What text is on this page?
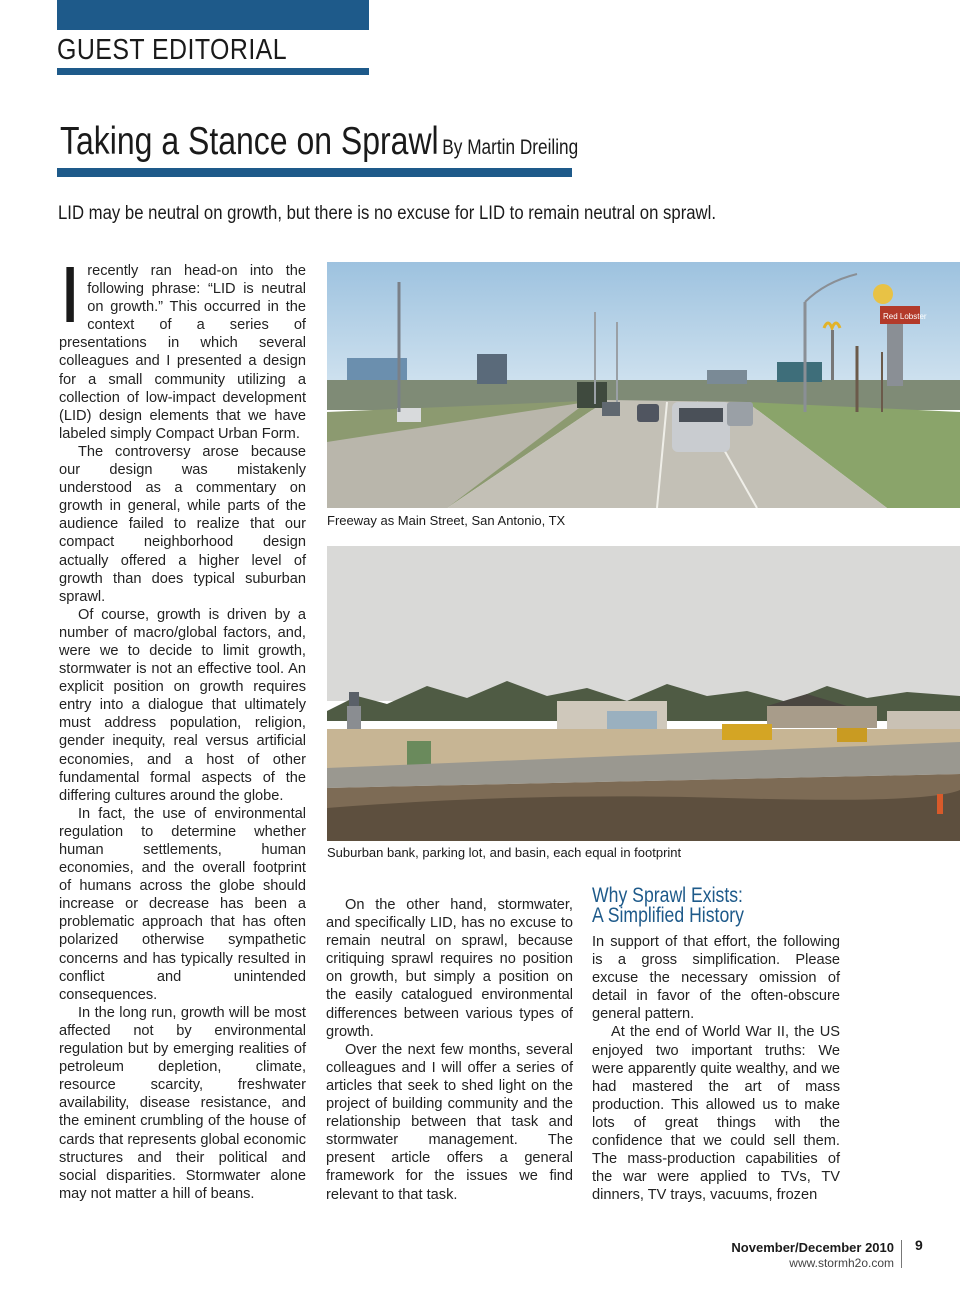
GUEST EDITORIAL
Taking a Stance on Sprawl By Martin Dreiling
LID may be neutral on growth, but there is no excuse for LID to remain neutral on sprawl.

Irecently ran head-on into the following phrase: “LID is neutral on growth.” This occurred in the context of a series of presentations in which several colleagues and I presented a design for a small community utilizing a collection of low-impact development (LID) design elements that we have labeled simply Compact Urban Form.

The controversy arose because our design was mistakenly understood as a commentary on growth in general, while parts of the audience failed to realize that our compact neighborhood design actually offered a higher level of growth than does typical suburban sprawl.

Of course, growth is driven by a number of macro/global factors, and, were we to decide to limit growth, stormwater is not an effective tool. An explicit position on growth requires entry into a dialogue that ultimately must address population, religion, gender inequity, real versus artificial economies, and a host of other fundamental formal aspects of the differing cultures around the globe.

In fact, the use of environmental regulation to determine whether human settlements, human economies, and the overall footprint of humans across the globe should increase or decrease has been a problematic approach that has often polarized otherwise sympathetic concerns and has typically resulted in conflict and unintended consequences.

In the long run, growth will be most affected not by environmental regulation but by emerging realities of petroleum depletion, climate, resource scarcity, freshwater availability, disease resistance, and the eminent crumbling of the house of cards that represents global economic structures and their political and social disparities. Stormwater alone may not matter a hill of beans.

Red Lobster
Freeway as Main Street, San Antonio, TX
Suburban bank, parking lot, and basin, each equal in footprint

On the other hand, stormwater, and specifically LID, has no excuse to remain neutral on sprawl, because critiquing sprawl requires no position on growth, but simply a position on the easily catalogued environmental differences between various types of growth.

Over the next few months, several colleagues and I will offer a series of articles that seek to shed light on the project of building community and the relationship between that task and stormwater management. The present article offers a general framework for the issues we find relevant to that task.

Why Sprawl Exists:
A Simplified History

In support of that effort, the following is a gross simplification. Please excuse the necessary omission of detail in favor of the often-obscure general pattern.

At the end of World War II, the US enjoyed two important truths: We were apparently quite wealthy, and we had mastered the art of mass production. This allowed us to make lots of great things with the confidence that we could sell them. The mass-production capabilities of the war were applied to TVs, TV dinners, TV trays, vacuums, frozen

November/December 2010
www.stormh2o.com
9
